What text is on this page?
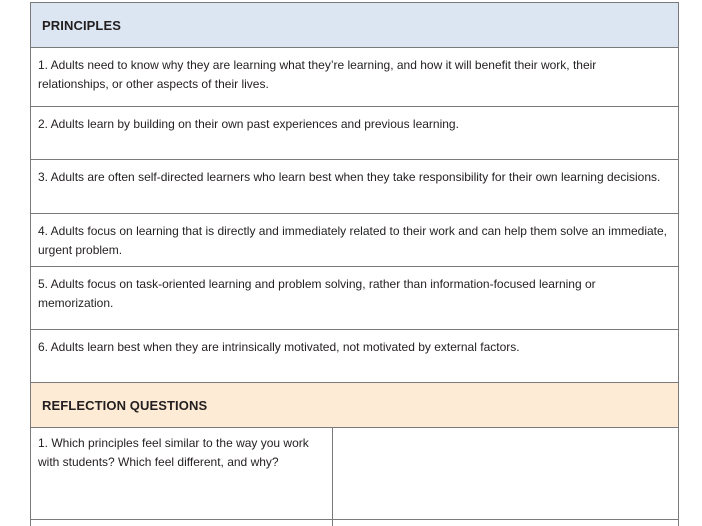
PRINCIPLES
1. Adults need to know why they are learning what they’re learning, and how it will benefit their work, their relationships, or other aspects of their lives.
2. Adults learn by building on their own past experiences and previous learning.
3. Adults are often self-directed learners who learn best when they take responsibility for their own learning decisions.
4. Adults focus on learning that is directly and immediately related to their work and can help them solve an immediate, urgent problem.
5. Adults focus on task-oriented learning and problem solving, rather than information-focused learning or memorization.
6. Adults learn best when they are intrinsically motivated, not motivated by external factors.
REFLECTION QUESTIONS
1. Which principles feel similar to the way you work with students? Which feel different, and why?
